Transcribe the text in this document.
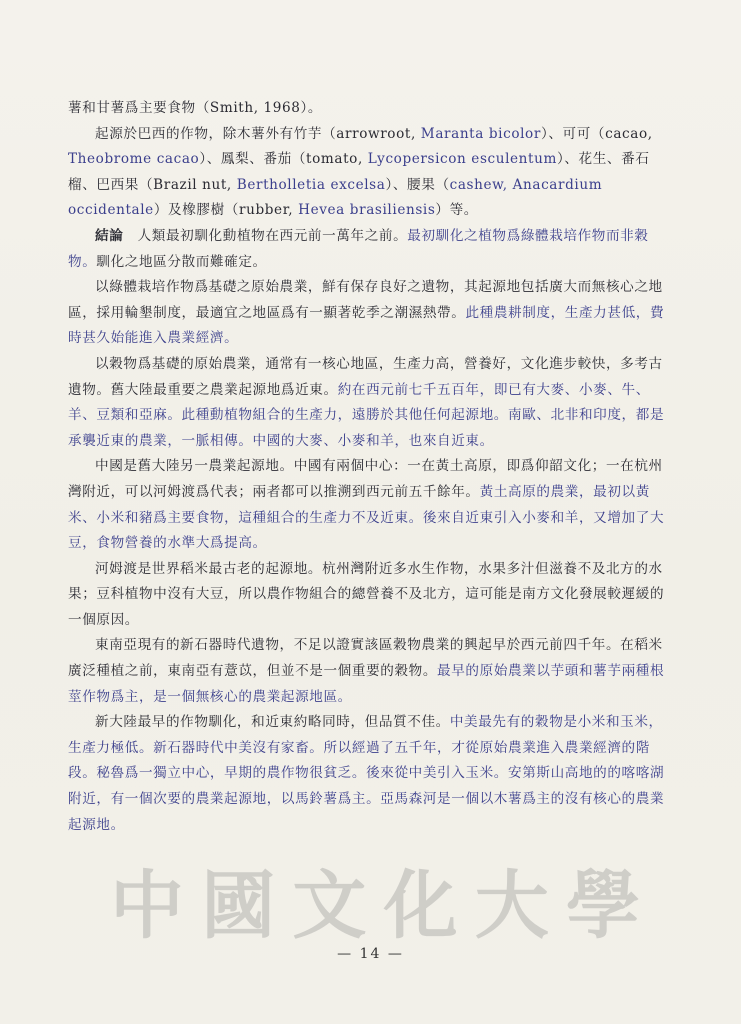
薯和甘薯爲主要食物（Smith, 1968）。

起源於巴西的作物，除木薯外有竹芋（arrowroot, Maranta bicolor）、可可（cacao, Theobrome cacao）、鳳梨、番茄（tomato, Lycopersicon esculentum）、花生、番石榴、巴西果（Brazil nut, Bertholletia excelsa）、腰果（cashew, Anacardium occidentale）及橡膠樹（rubber, Hevea brasiliensis）等。

結論　人類最初馴化動植物在西元前一萬年之前。最初馴化之植物爲綠體栽培作物而非穀物。馴化之地區分散而難確定。

以綠體栽培作物爲基礎之原始農業，鮮有保存良好之遺物，其起源地包括廣大而無核心之地區，採用輪墾制度，最適宜之地區爲有一顯著乾季之潮濕熱帶。此種農耕制度，生產力甚低，費時甚久始能進入農業經濟。

以穀物爲基礎的原始農業，通常有一核心地區，生產力高，營養好，文化進步較快，多考古遺物。舊大陸最重要之農業起源地爲近東。約在西元前七千五百年，即已有大麥、小麥、牛、羊、豆類和亞麻。此種動植物組合的生產力，遠勝於其他任何起源地。南歐、北非和印度，都是承襲近東的農業，一脈相傳。中國的大麥、小麥和羊，也來自近東。

中國是舊大陸另一農業起源地。中國有兩個中心：一在黃土高原，即爲仰韶文化；一在杭州灣附近，可以河姆渡爲代表；兩者都可以推溯到西元前五千餘年。黃土高原的農業，最初以黃米、小米和豬爲主要食物，這種組合的生產力不及近東。後來自近東引入小麥和羊，又增加了大豆，食物營養的水準大爲提高。

河姆渡是世界稻米最古老的起源地。杭州灣附近多水生作物，水果多汁但滋養不及北方的水果；豆科植物中沒有大豆，所以農作物組合的總營養不及北方，這可能是南方文化發展較遲緩的一個原因。

東南亞現有的新石器時代遺物，不足以證實該區穀物農業的興起早於西元前四千年。在稻米廣泛種植之前，東南亞有薏苡，但並不是一個重要的穀物。最早的原始農業以芋頭和薯芋兩種根莖作物爲主，是一個無核心的農業起源地區。

新大陸最早的作物馴化，和近東約略同時，但品質不佳。中美最先有的穀物是小米和玉米，生產力極低。新石器時代中美沒有家畜。所以經過了五千年，才從原始農業進入農業經濟的階段。秘魯爲一獨立中心，早期的農作物很貧乏。後來從中美引入玉米。安第斯山高地的的喀喀湖附近，有一個次要的農業起源地，以馬鈴薯爲主。亞馬森河是一個以木薯爲主的沒有核心的農業起源地。

中 國 文 化 大 學
— 14 —
